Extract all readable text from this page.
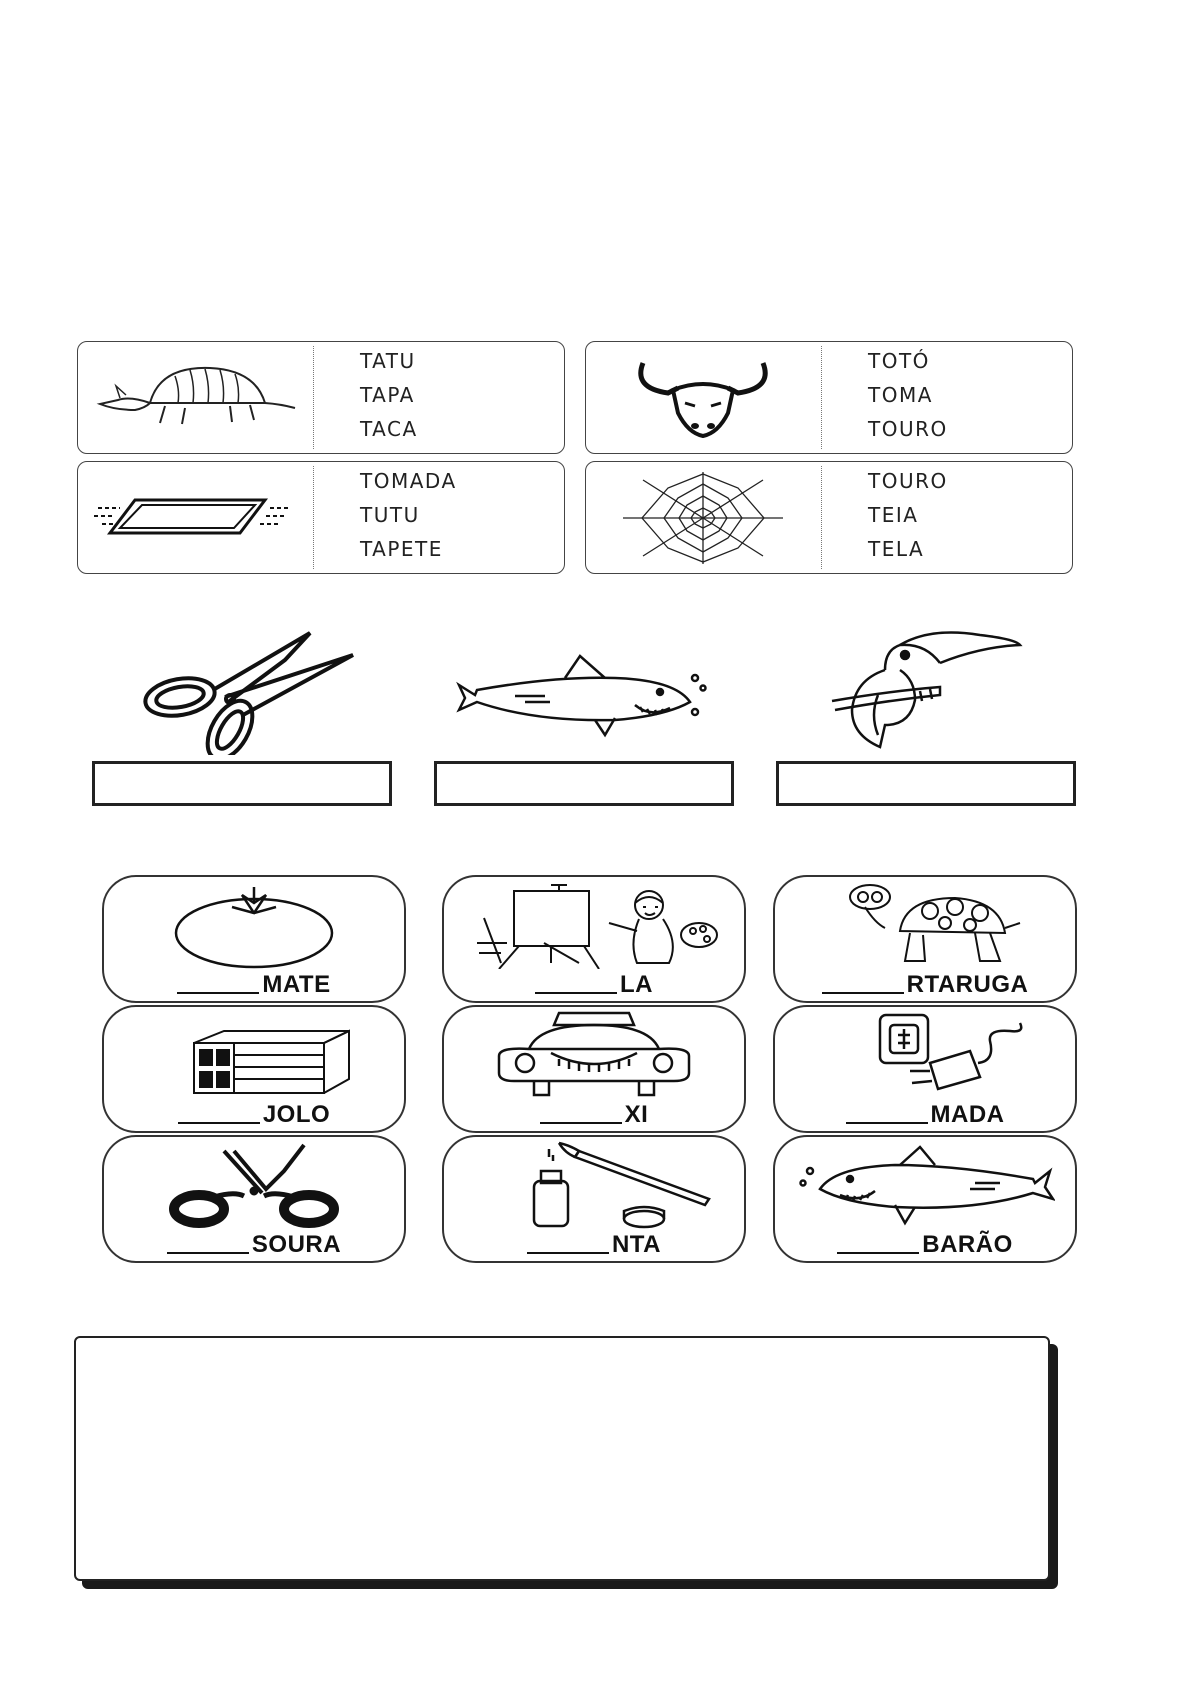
TATU
TAPA
TACA
TOTÓ
TOMA
TOURO
TOMADA
TUTU
TAPETE
TOURO
TEIA
TELA
MATE	LA	RTARUGA
JOLO	XI	MADA
SOURA	NTA	BARÃO
